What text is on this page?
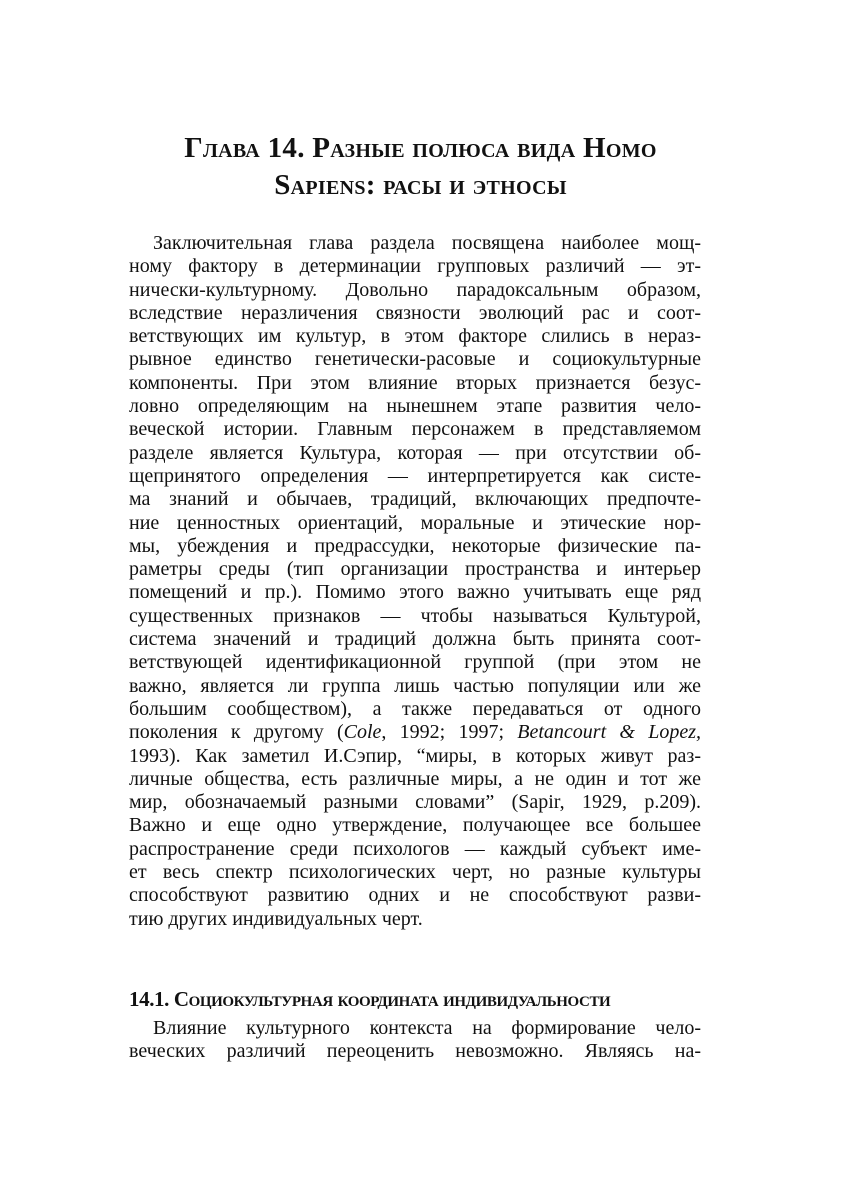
Глава 14. Разные полюса вида Homo
Sapiens: расы и этносы
Заключительная глава раздела посвящена наиболее мощ-
ному фактору в детерминации групповых различий — эт-
нически-культурному. Довольно парадоксальным образом,
вследствие неразличения связности эволюций рас и соот-
ветствующих им культур, в этом факторе слились в нераз-
рывное единство генетически-расовые и социокультурные
компоненты. При этом влияние вторых признается безус-
ловно определяющим на нынешнем этапе развития чело-
веческой истории. Главным персонажем в представляемом
разделе является Культура, которая — при отсутствии об-
щепринятого определения — интерпретируется как систе-
ма знаний и обычаев, традиций, включающих предпочте-
ние ценностных ориентаций, моральные и этические нор-
мы, убеждения и предрассудки, некоторые физические па-
раметры среды (тип организации пространства и интерьер
помещений и пр.). Помимо этого важно учитывать еще ряд
существенных признаков — чтобы называться Культурой,
система значений и традиций должна быть принята соот-
ветствующей идентификационной группой (при этом не
важно, является ли группа лишь частью популяции или же
большим сообществом), а также передаваться от одного
поколения к другому (Cole, 1992; 1997; Betancourt & Lopez,
1993). Как заметил И.Сэпир, “миры, в которых живут раз-
личные общества, есть различные миры, а не один и тот же
мир, обозначаемый разными словами” (Sapir, 1929, p.209).
Важно и еще одно утверждение, получающее все большее
распространение среди психологов — каждый субъект име-
ет весь спектр психологических черт, но разные культуры
способствуют развитию одних и не способствуют разви-
тию других индивидуальных черт.
14.1. Социокультурная координата индивидуальности
Влияние культурного контекста на формирование чело-
веческих различий переоценить невозможно. Являясь на-
